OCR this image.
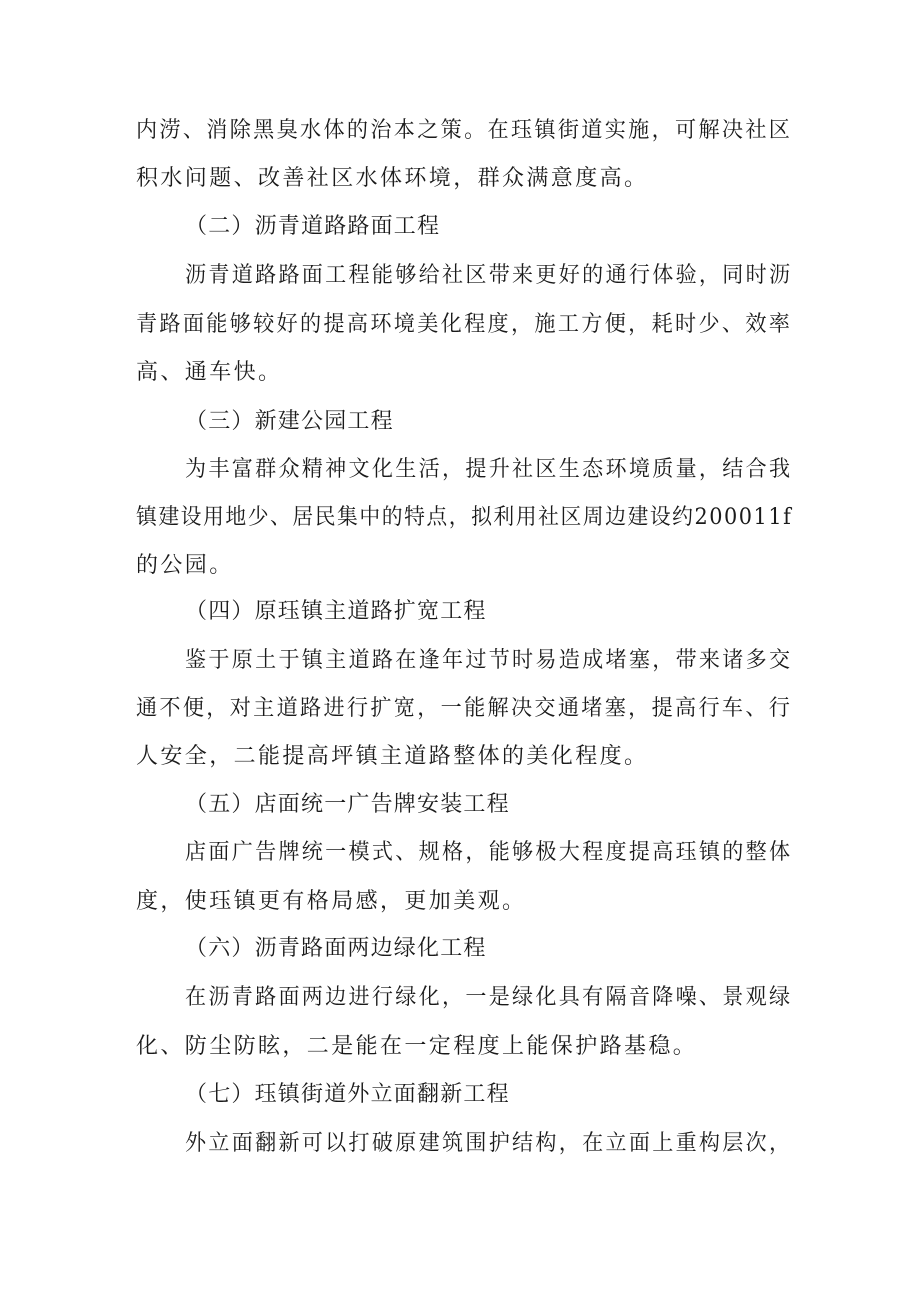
内涝、消除黑臭水体的治本之策。在珏镇街道实施，可解决社区
积水问题、改善社区水体环境，群众满意度高。
（二）沥青道路路面工程
沥青道路路面工程能够给社区带来更好的通行体验，同时沥
青路面能够较好的提高环境美化程度，施工方便，耗时少、效率
高、通车快。
（三）新建公园工程
为丰富群众精神文化生活，提升社区生态环境质量，结合我
镇建设用地少、居民集中的特点，拟利用社区周边建设约200011f
的公园。
（四）原珏镇主道路扩宽工程
鉴于原土于镇主道路在逢年过节时易造成堵塞，带来诸多交
通不便，对主道路进行扩宽，一能解决交通堵塞，提高行车、行
人安全，二能提高坪镇主道路整体的美化程度。
（五）店面统一广告牌安装工程
店面广告牌统一模式、规格，能够极大程度提高珏镇的整体
度，使珏镇更有格局感，更加美观。
（六）沥青路面两边绿化工程
在沥青路面两边进行绿化，一是绿化具有隔音降噪、景观绿
化、防尘防眩，二是能在一定程度上能保护路基稳。
（七）珏镇街道外立面翻新工程
外立面翻新可以打破原建筑围护结构，在立面上重构层次，
